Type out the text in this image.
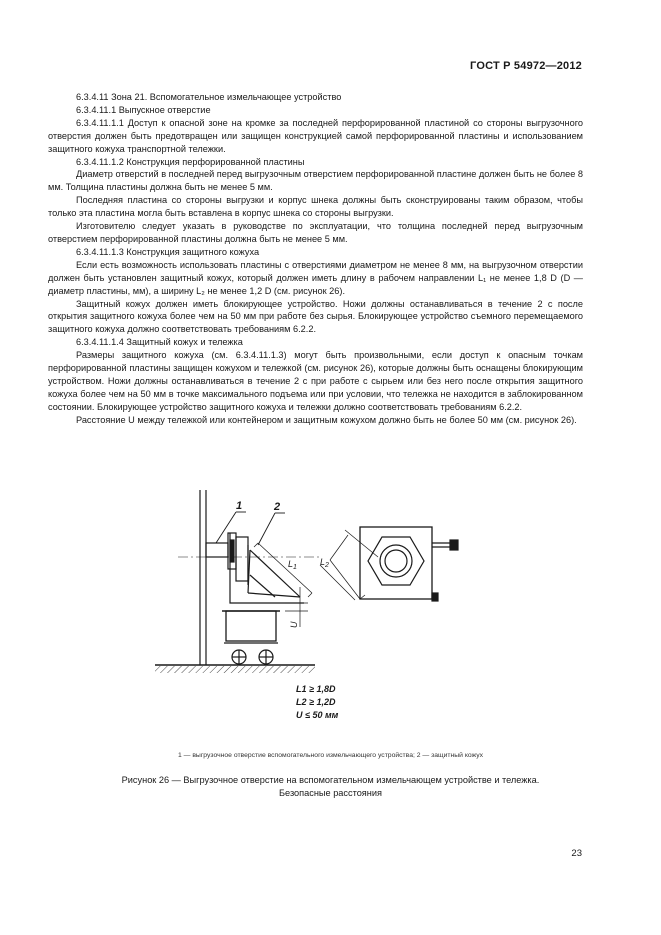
ГОСТ Р 54972—2012

6.3.4.11 Зона 21. Вспомогательное измельчающее устройство

6.3.4.11.1 Выпускное отверстие

6.3.4.11.1.1 Доступ к опасной зоне на кромке за последней перфорированной пластиной со стороны выгрузочного отверстия должен быть предотвращен или защищен конструкцией самой перфорированной пластины и использованием защитного кожуха транспортной тележки.

6.3.4.11.1.2 Конструкция перфорированной пластины

Диаметр отверстий в последней перед выгрузочным отверстием перфорированной пластине должен быть не более 8 мм. Толщина пластины должна быть не менее 5 мм.

Последняя пластина со стороны выгрузки и корпус шнека должны быть сконструированы таким образом, чтобы только эта пластина могла быть вставлена в корпус шнека со стороны выгрузки.

Изготовителю следует указать в руководстве по эксплуатации, что толщина последней перед выгрузочным отверстием перфорированной пластины должна быть не менее 5 мм.

6.3.4.11.1.3 Конструкция защитного кожуха

Если есть возможность использовать пластины с отверстиями диаметром не менее 8 мм, на выгрузочном отверстии должен быть установлен защитный кожух, который должен иметь длину в рабочем направлении L₁ не менее 1,8 D (D — диаметр пластины, мм), а ширину L₂ не менее 1,2 D (см. рисунок 26).

Защитный кожух должен иметь блокирующее устройство. Ножи должны останавливаться в течение 2 с после открытия защитного кожуха более чем на 50 мм при работе без сырья. Блокирующее устройство съемного перемещаемого защитного кожуха должно соответствовать требованиям 6.2.2.

6.3.4.11.1.4 Защитный кожух и тележка

Размеры защитного кожуха (см. 6.3.4.11.1.3) могут быть произвольными, если доступ к опасным точкам перфорированной пластины защищен кожухом и тележкой (см. рисунок 26), которые должны быть оснащены блокирующим устройством. Ножи должны останавливаться в течение 2 с при работе с сырьем или без него после открытия защитного кожуха более чем на 50 мм в точке максимального подъема или при условии, что тележка не находится в заблокированном состоянии. Блокирующее устройство защитного кожуха и тележки должно соответствовать требованиям 6.2.2.

Расстояние U между тележкой или контейнером и защитным кожухом должно быть не более 50 мм (см. рисунок 26).

1	2
$L_1$
U
$L_2$
L1 ≥ 1,8D
L2 ≥ 1,2D
U ≤ 50 мм
1 — выгрузочное отверстие вспомогательного измельчающего устройства; 2 — защитный кожух
Рисунок 26 — Выгрузочное отверстие на вспомогательном измельчающем устройстве и тележка.
Безопасные расстояния
23
